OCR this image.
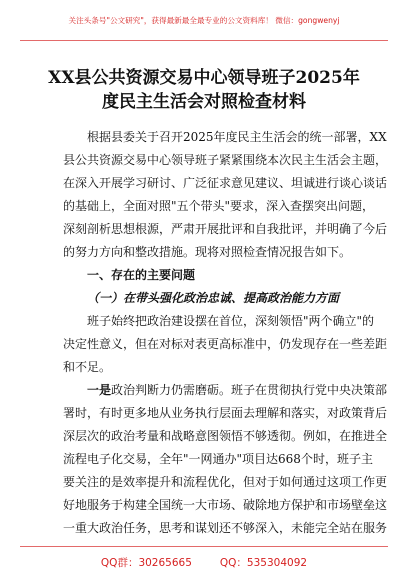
关注头条号"公文研究"，获得最新最全最专业的公文资料库！ 微信：gongwenyj
XX县公共资源交易中心领导班子2025年
度民主生活会对照检查材料
根据县委关于召开2025年度民主生活会的统一部署，XX
县公共资源交易中心领导班子紧紧围绕本次民主生活会主题，
在深入开展学习研讨、广泛征求意见建议、坦诚进行谈心谈话
的基础上，全面对照"五个带头"要求，深入查摆突出问题，
深刻剖析思想根源，严肃开展批评和自我批评，并明确了今后
的努力方向和整改措施。现将对照检查情况报告如下。
一、存在的主要问题
（一）在带头强化政治忠诚、提高政治能力方面
班子始终把政治建设摆在首位，深刻领悟"两个确立"的
决定性意义，但在对标对表更高标准中，仍发现存在一些差距
和不足。
一是政治判断力仍需磨砺。班子在贯彻执行党中央决策部
署时，有时更多地从业务执行层面去理解和落实，对政策背后
深层次的政治考量和战略意图领悟不够透彻。例如，在推进全
流程电子化交易，全年"一网通办"项目达668个时，班子主
要关注的是效率提升和流程优化，但对于如何通过这项工作更
好地服务于构建全国统一大市场、破除地方保护和市场壁垒这
一重大政治任务，思考和谋划还不够深入，未能完全站在服务
QQ群：30265665	QQ：535304092
